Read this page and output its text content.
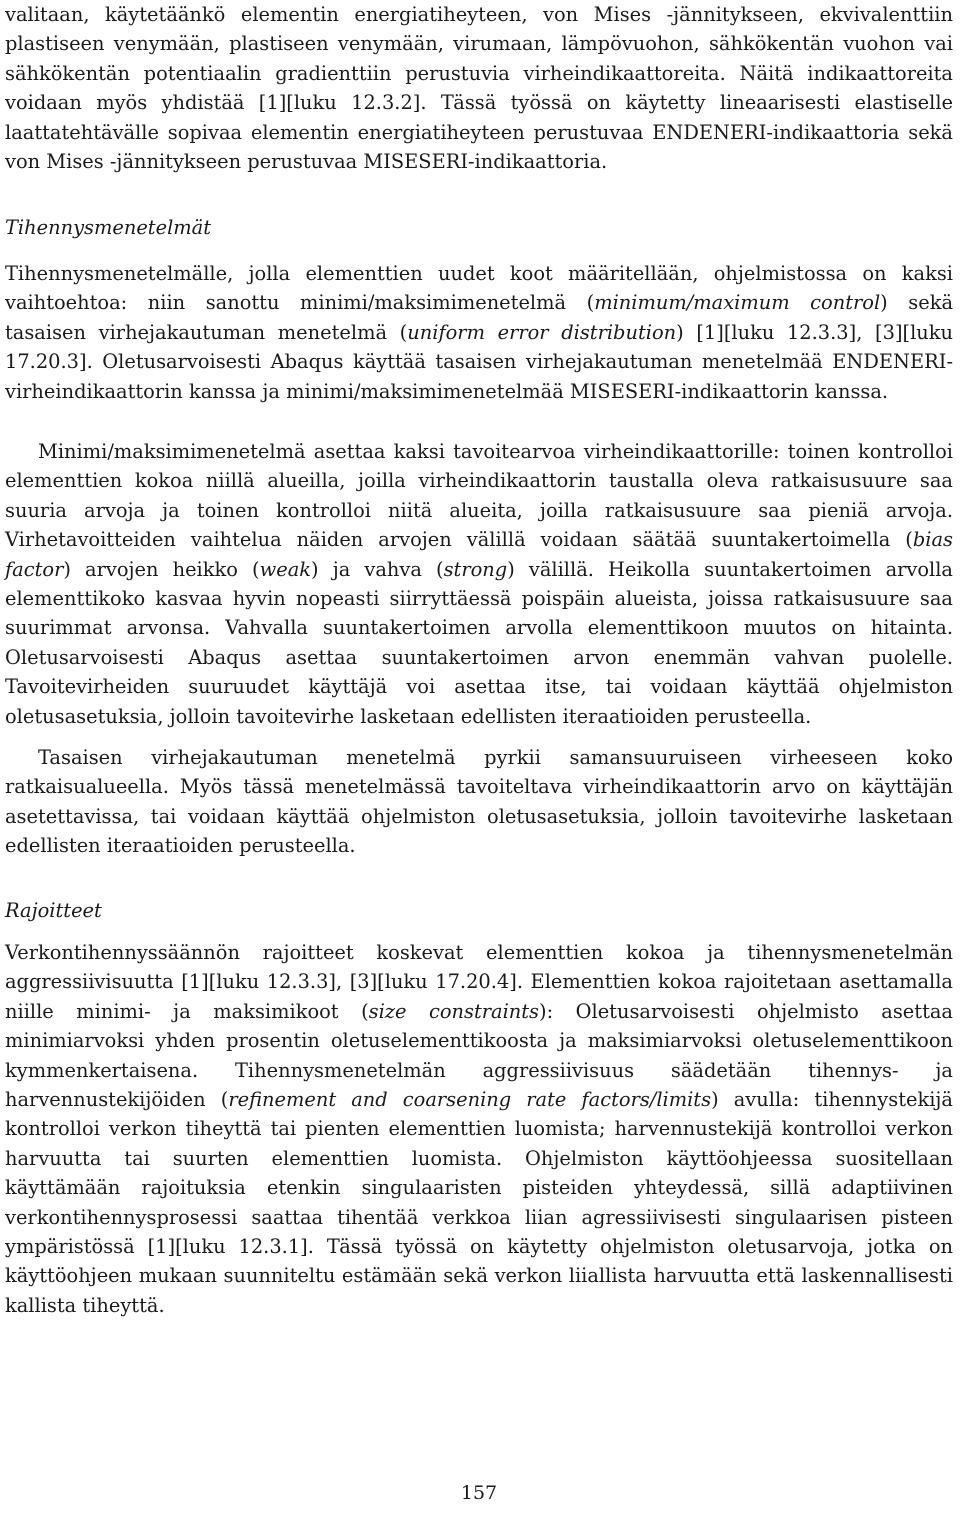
valitaan, käytetäänkö elementin energiatiheyteen, von Mises -jännitykseen, ekvivalenttiin plastiseen venymään, plastiseen venymään, virumaan, lämpövuohon, sähkökentän vuohon vai sähkökentän potentiaalin gradienttiin perustuvia virheindikaattoreita. Näitä indikaattoreita voidaan myös yhdistää [1][luku 12.3.2]. Tässä työssä on käytetty lineaarisesti elastiselle laattatehtävälle sopivaa elementin energiatiheyteen perustuvaa ENDENERI-indikaattoria sekä von Mises -jännitykseen perustuvaa MISESERI-indikaattoria.

Tihennysmenetelmät

Tihennysmenetelmälle, jolla elementtien uudet koot määritellään, ohjelmistossa on kaksi vaihtoehtoa: niin sanottu minimi/maksimimenetelmä (minimum/maximum control) sekä tasaisen virhejakautuman menetelmä (uniform error distribution) [1][luku 12.3.3], [3][luku 17.20.3]. Oletusarvoisesti Abaqus käyttää tasaisen virhejakautuman menetelmää ENDENERI-virheindikaattorin kanssa ja minimi/maksimimenetelmää MISESERI-indikaattorin kanssa.

Minimi/maksimimenetelmä asettaa kaksi tavoitearvoa virheindikaattorille: toinen kontrolloi elementtien kokoa niillä alueilla, joilla virheindikaattorin taustalla oleva ratkaisusuure saa suuria arvoja ja toinen kontrolloi niitä alueita, joilla ratkaisusuure saa pieniä arvoja. Virhetavoitteiden vaihtelua näiden arvojen välillä voidaan säätää suuntakertoimella (bias factor) arvojen heikko (weak) ja vahva (strong) välillä. Heikolla suuntakertoimen arvolla elementtikoko kasvaa hyvin nopeasti siirryttäessä poispäin alueista, joissa ratkaisusuure saa suurimmat arvonsa. Vahvalla suuntakertoimen arvolla elementtikoon muutos on hitainta. Oletusarvoisesti Abaqus asettaa suuntakertoimen arvon enemmän vahvan puolelle. Tavoitevirheiden suuruudet käyttäjä voi asettaa itse, tai voidaan käyttää ohjelmiston oletusasetuksia, jolloin tavoitevirhe lasketaan edellisten iteraatioiden perusteella.

Tasaisen virhejakautuman menetelmä pyrkii samansuuruiseen virheeseen koko ratkaisualueella. Myös tässä menetelmässä tavoiteltava virheindikaattorin arvo on käyttäjän asetettavissa, tai voidaan käyttää ohjelmiston oletusasetuksia, jolloin tavoitevirhe lasketaan edellisten iteraatioiden perusteella.

Rajoitteet

Verkontihennyssäännön rajoitteet koskevat elementtien kokoa ja tihennysmenetelmän aggressiivisuutta [1][luku 12.3.3], [3][luku 17.20.4]. Elementtien kokoa rajoitetaan asettamalla niille minimi- ja maksimikoot (size constraints): Oletusarvoisesti ohjelmisto asettaa minimiarvoksi yhden prosentin oletuselementtikoosta ja maksimiarvoksi oletuselementtikoon kymmenkertaisena. Tihennysmenetelmän aggressiivisuus säädetään tihennys- ja harvennustekijöiden (refinement and coarsening rate factors/limits) avulla: tihennystekijä kontrolloi verkon tiheyttä tai pienten elementtien luomista; harvennustekijä kontrolloi verkon harvuutta tai suurten elementtien luomista. Ohjelmiston käyttöohjeessa suositellaan käyttämään rajoituksia etenkin singulaaristen pisteiden yhteydessä, sillä adaptiivinen verkontihennysprosessi saattaa tihentää verkkoa liian agressiivisesti singulaarisen pisteen ympäristössä [1][luku 12.3.1]. Tässä työssä on käytetty ohjelmiston oletusarvoja, jotka on käyttöohjeen mukaan suunniteltu estämään sekä verkon liiallista harvuutta että laskennallisesti kallista tiheyttä.

157
